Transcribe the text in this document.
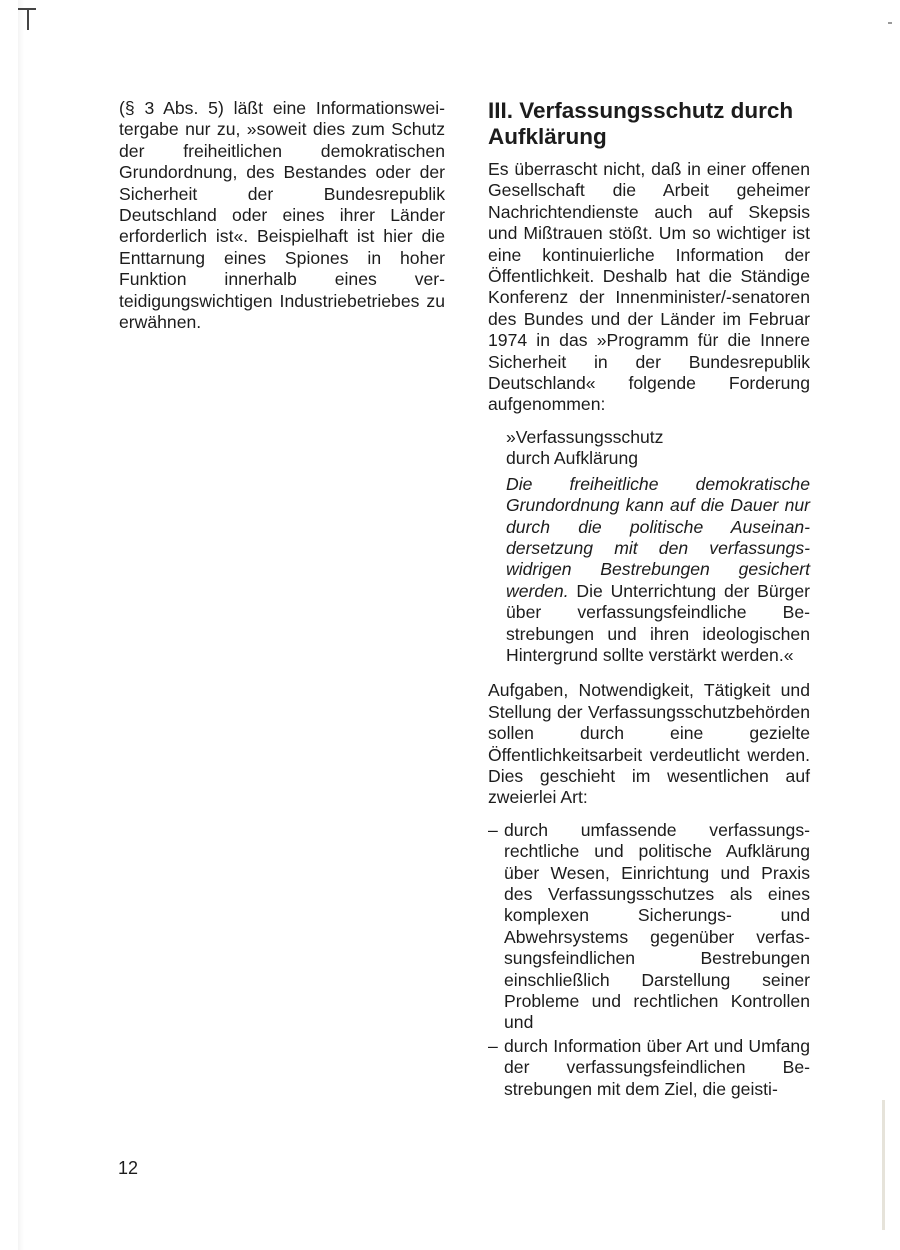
(§ 3 Abs. 5) läßt eine Informationsweitergabe nur zu, »soweit dies zum Schutz der freiheitlichen demokratischen Grundordnung, des Bestandes oder der Sicherheit der Bundesrepublik Deutschland oder eines ihrer Länder erforderlich ist«. Beispielhaft ist hier die Enttarnung eines Spiones in hoher Funktion innerhalb eines verteidigungswichtigen Industriebetriebes zu erwähnen.

III. Verfassungsschutz durch Aufklärung

Es überrascht nicht, daß in einer offenen Gesellschaft die Arbeit geheimer Nachrichtendienste auch auf Skepsis und Mißtrauen stößt. Um so wichtiger ist eine kontinuierliche Information der Öffentlichkeit. Deshalb hat die Ständige Konferenz der Innenminister/-senatoren des Bundes und der Länder im Februar 1974 in das »Programm für die Innere Sicherheit in der Bundesrepublik Deutschland« folgende Forderung aufgenommen:

»Verfassungsschutz
durch Aufklärung

Die freiheitliche demokratische Grundordnung kann auf die Dauer nur durch die politische Auseinandersetzung mit den verfassungswidrigen Bestrebungen gesichert werden. Die Unterrichtung der Bürger über verfassungsfeindliche Bestrebungen und ihren ideologischen Hintergrund sollte verstärkt werden.«

Aufgaben, Notwendigkeit, Tätigkeit und Stellung der Verfassungsschutzbehörden sollen durch eine gezielte Öffentlichkeitsarbeit verdeutlicht werden. Dies geschieht im wesentlichen auf zweierlei Art:

– durch umfassende verfassungsrechtliche und politische Aufklärung über Wesen, Einrichtung und Praxis des Verfassungsschutzes als eines komplexen Sicherungs- und Abwehrsystems gegenüber verfassungsfeindlichen Bestrebungen einschließlich Darstellung seiner Probleme und rechtlichen Kontrollen und
– durch Information über Art und Umfang der verfassungsfeindlichen Bestrebungen mit dem Ziel, die geisti-
12
